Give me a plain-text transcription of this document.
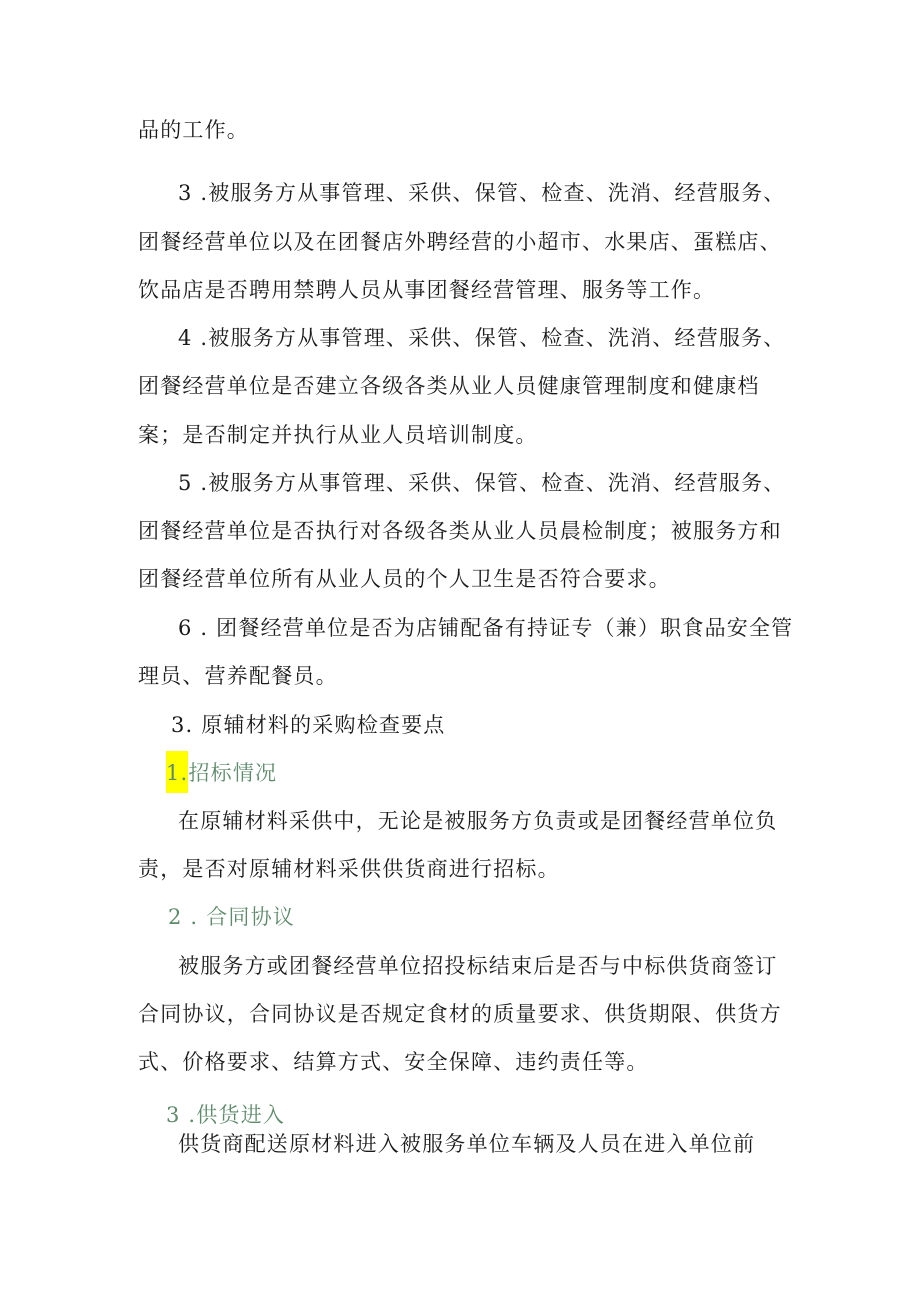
品的工作。
3 .被服务方从事管理、采供、保管、检查、洗消、经营服务、
团餐经营单位以及在团餐店外聘经营的小超市、水果店、蛋糕店、
饮品店是否聘用禁聘人员从事团餐经营管理、服务等工作。
4 .被服务方从事管理、采供、保管、检查、洗消、经营服务、
团餐经营单位是否建立各级各类从业人员健康管理制度和健康档
案；是否制定并执行从业人员培训制度。
5 .被服务方从事管理、采供、保管、检查、洗消、经营服务、
团餐经营单位是否执行对各级各类从业人员晨检制度；被服务方和
团餐经营单位所有从业人员的个人卫生是否符合要求。
6 . 团餐经营单位是否为店铺配备有持证专（兼）职食品安全管
理员、营养配餐员。
3. 原辅材料的采购检查要点
1.招标情况
在原辅材料采供中，无论是被服务方负责或是团餐经营单位负
责，是否对原辅材料采供供货商进行招标。
2 . 合同协议
被服务方或团餐经营单位招投标结束后是否与中标供货商签订
合同协议，合同协议是否规定食材的质量要求、供货期限、供货方
式、价格要求、结算方式、安全保障、违约责任等。
3 .供货进入
供货商配送原材料进入被服务单位车辆及人员在进入单位前
